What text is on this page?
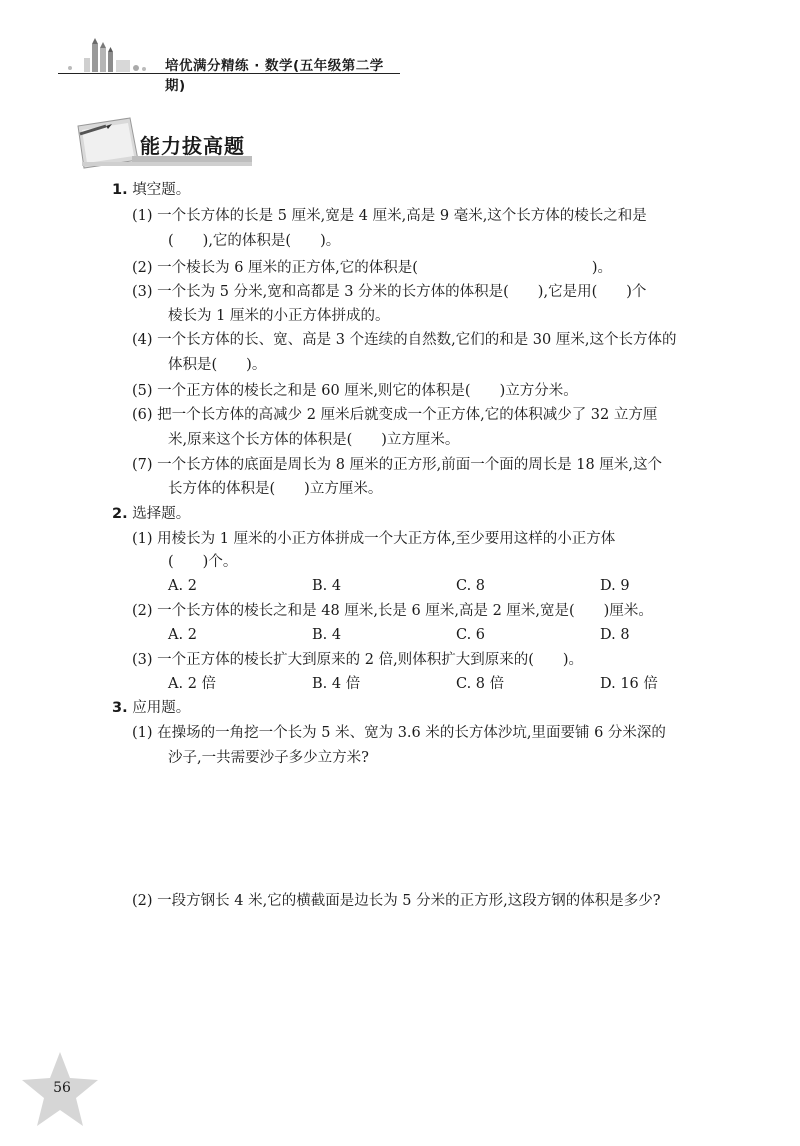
培优满分精练 · 数学(五年级第二学期)
能力拔高题
1. 填空题。
(1) 一个长方体的长是 5 厘米,宽是 4 厘米,高是 9 毫米,这个长方体的棱长之和是
(　　),它的体积是(　　)。
(2) 一个棱长为 6 厘米的正方体,它的体积是(　　　　　　　　　　　　)。
(3) 一个长为 5 分米,宽和高都是 3 分米的长方体的体积是(　　),它是用(　　)个
棱长为 1 厘米的小正方体拼成的。
(4) 一个长方体的长、宽、高是 3 个连续的自然数,它们的和是 30 厘米,这个长方体的
体积是(　　)。
(5) 一个正方体的棱长之和是 60 厘米,则它的体积是(　　)立方分米。
(6) 把一个长方体的高减少 2 厘米后就变成一个正方体,它的体积减少了 32 立方厘
米,原来这个长方体的体积是(　　)立方厘米。
(7) 一个长方体的底面是周长为 8 厘米的正方形,前面一个面的周长是 18 厘米,这个
长方体的体积是(　　)立方厘米。
2. 选择题。
(1) 用棱长为 1 厘米的小正方体拼成一个大正方体,至少要用这样的小正方体
(　　)个。
A. 2	B. 4	C. 8	D. 9
(2) 一个长方体的棱长之和是 48 厘米,长是 6 厘米,高是 2 厘米,宽是(　　)厘米。
A. 2	B. 4	C. 6	D. 8
(3) 一个正方体的棱长扩大到原来的 2 倍,则体积扩大到原来的(　　)。
A. 2 倍	B. 4 倍	C. 8 倍	D. 16 倍
3. 应用题。
(1) 在操场的一角挖一个长为 5 米、宽为 3.6 米的长方体沙坑,里面要铺 6 分米深的
沙子,一共需要沙子多少立方米?
(2) 一段方钢长 4 米,它的横截面是边长为 5 分米的正方形,这段方钢的体积是多少?
56
